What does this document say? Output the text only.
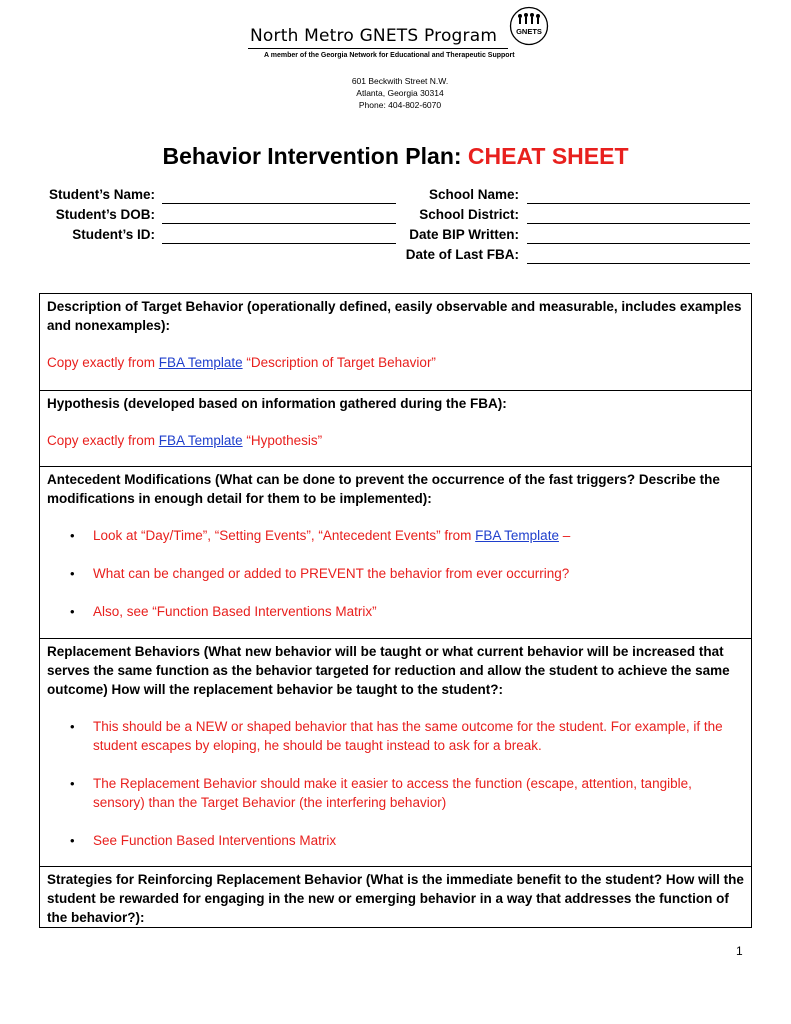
North Metro GNETS Program	GNETS
A member of the Georgia Network for Educational and Therapeutic Support
601 Beckwith Street N.W.
Atlanta, Georgia 30314
Phone: 404-802-6070
Behavior Intervention Plan: CHEAT SHEET
Student’s Name:
Student’s DOB:
Student’s ID:
School Name:
School District:
Date BIP Written:
Date of Last FBA:
Description of Target Behavior (operationally defined, easily observable and measurable, includes examples and nonexamples):
Copy exactly from FBA Template “Description of Target Behavior”
Hypothesis (developed based on information gathered during the FBA):
Copy exactly from FBA Template “Hypothesis”
Antecedent Modifications (What can be done to prevent the occurrence of the fast triggers? Describe the modifications in enough detail for them to be implemented):
• Look at “Day/Time”, “Setting Events”, “Antecedent Events” from FBA Template –
• What can be changed or added to PREVENT the behavior from ever occurring?
• Also, see “Function Based Interventions Matrix”
Replacement Behaviors (What new behavior will be taught or what current behavior will be increased that serves the same function as the behavior targeted for reduction and allow the student to achieve the same outcome) How will the replacement behavior be taught to the student?:
• This should be a NEW or shaped behavior that has the same outcome for the student. For example, if the student escapes by eloping, he should be taught instead to ask for a break.
• The Replacement Behavior should make it easier to access the function (escape, attention, tangible, sensory) than the Target Behavior (the interfering behavior)
• See Function Based Interventions Matrix
Strategies for Reinforcing Replacement Behavior (What is the immediate benefit to the student? How will the student be rewarded for engaging in the new or emerging behavior in a way that addresses the function of the behavior?):
1
